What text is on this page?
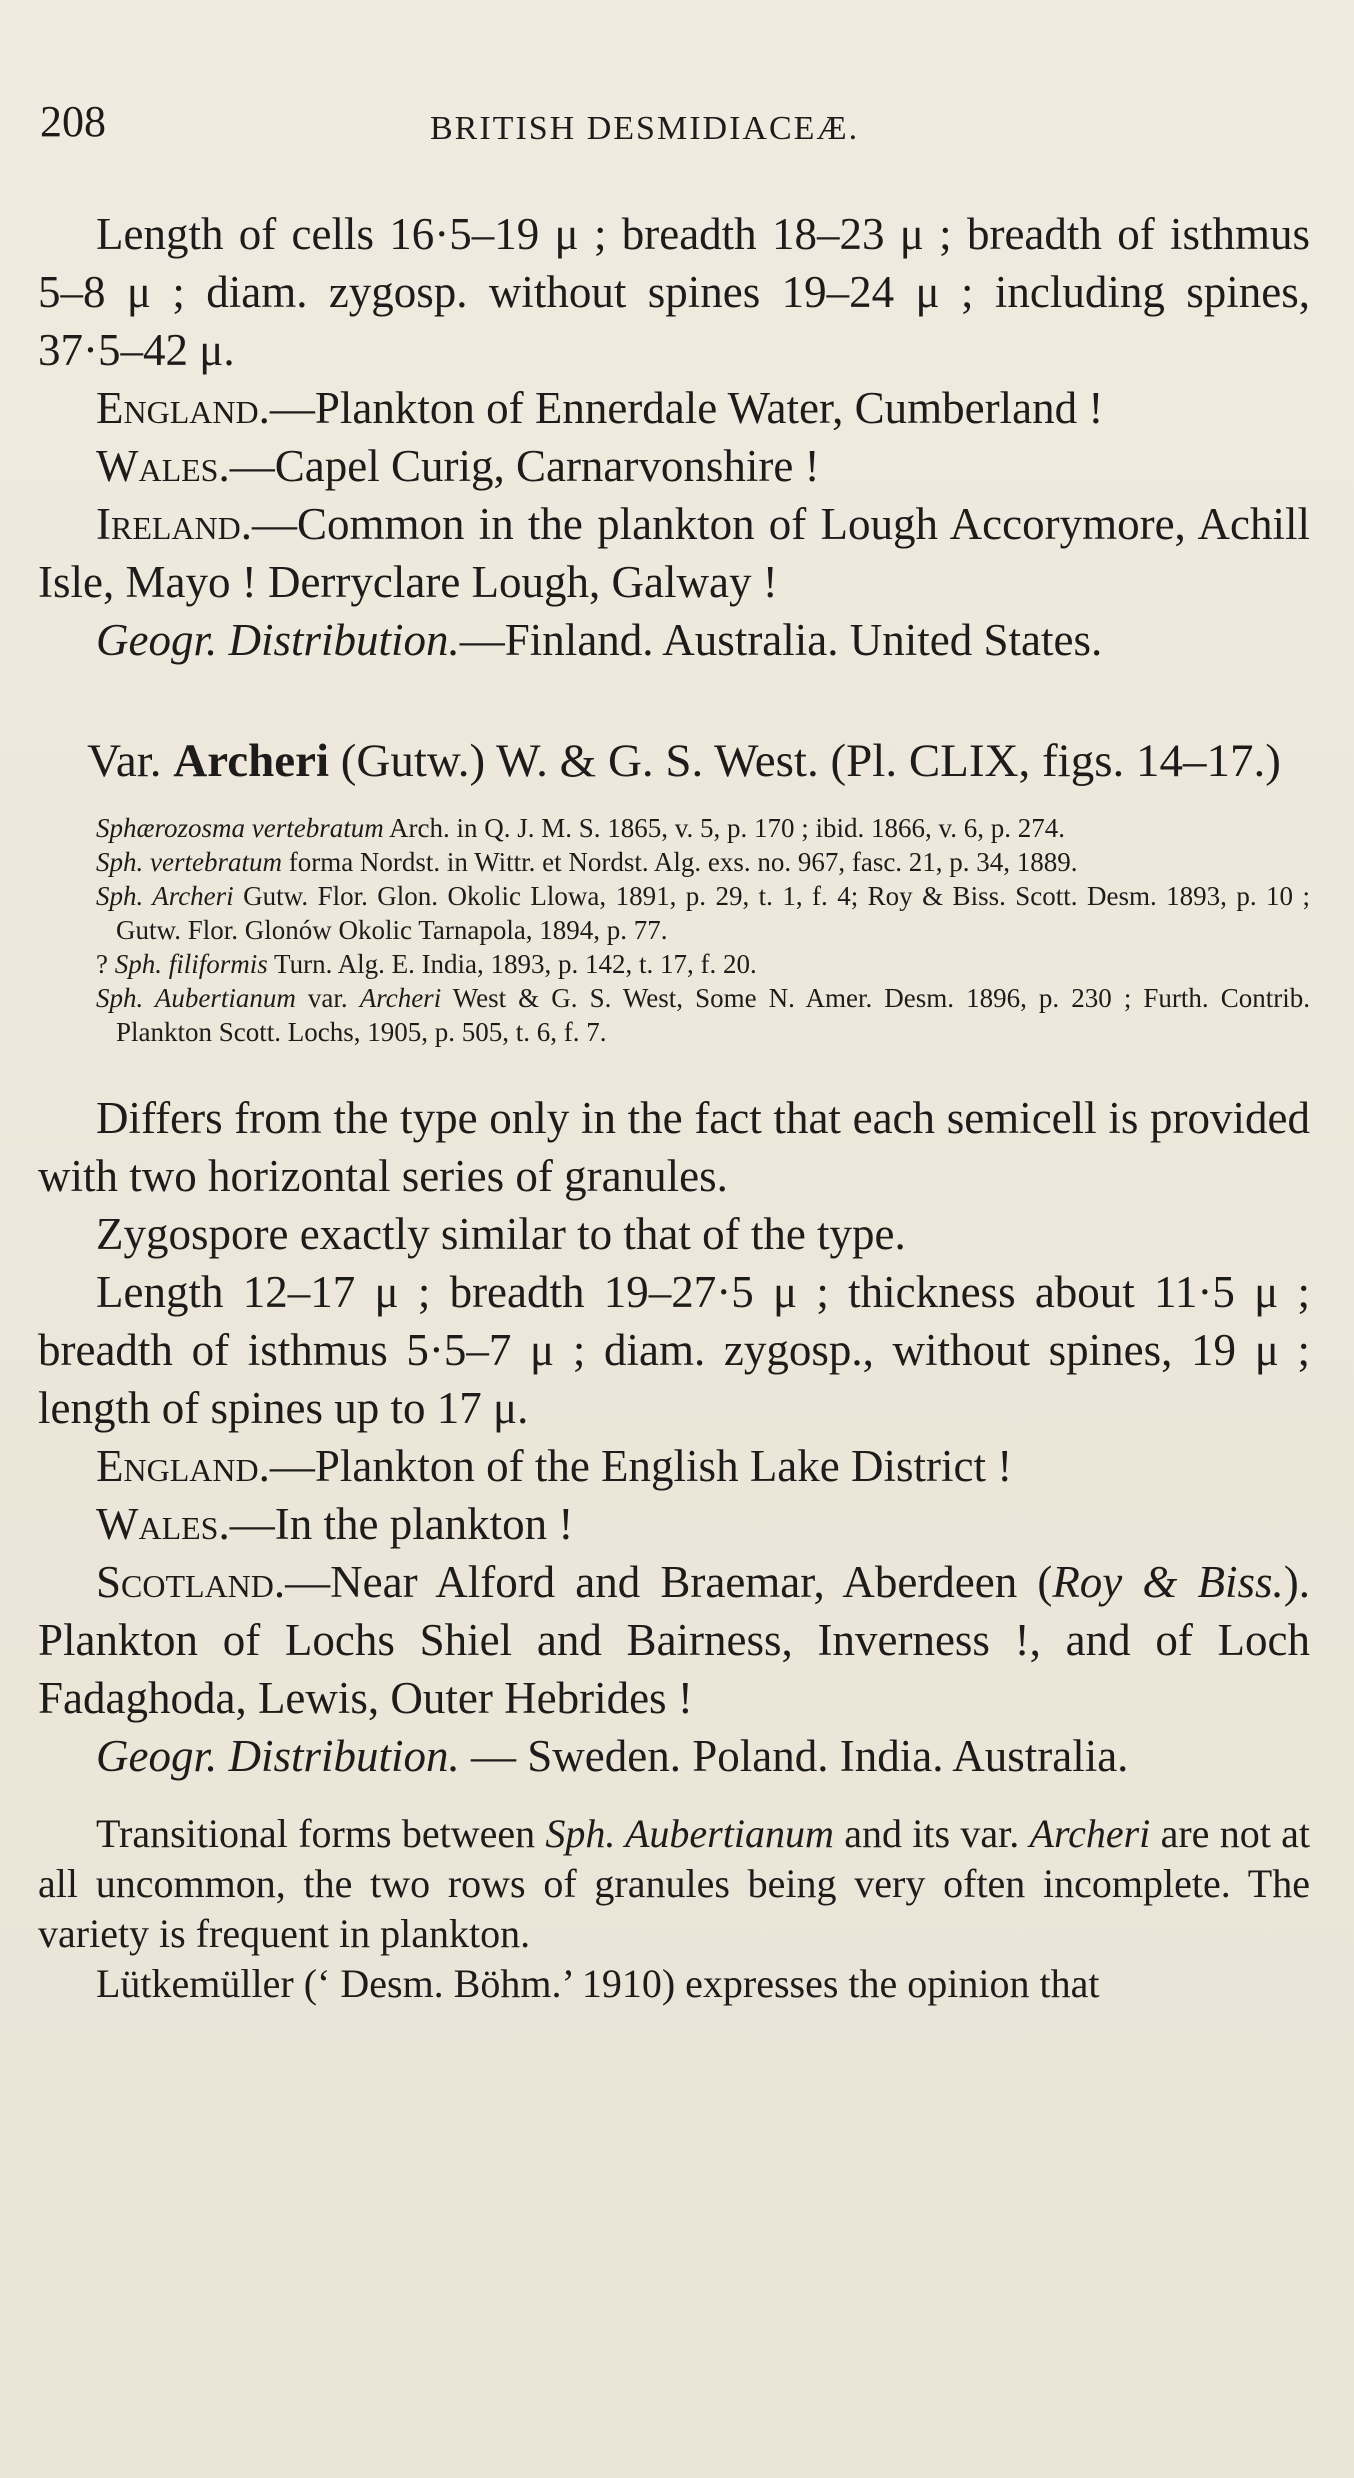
208	BRITISH DESMIDIACEÆ.

Length of cells 16·5–19 μ ; breadth 18–23 μ ; breadth of isthmus 5–8 μ ; diam. zygosp. without spines 19–24 μ ; including spines, 37·5–42 μ.

England.—Plankton of Ennerdale Water, Cumberland !

Wales.—Capel Curig, Carnarvonshire !

Ireland.—Common in the plankton of Lough Accorymore, Achill Isle, Mayo ! Derryclare Lough, Galway !

Geogr. Distribution.—Finland. Australia. United States.

Var. Archeri (Gutw.) W. & G. S. West. (Pl. CLIX, figs. 14–17.)

Sphærozosma vertebratum Arch. in Q. J. M. S. 1865, v. 5, p. 170 ; ibid. 1866, v. 6, p. 274.

Sph. vertebratum forma Nordst. in Wittr. et Nordst. Alg. exs. no. 967, fasc. 21, p. 34, 1889.

Sph. Archeri Gutw. Flor. Glon. Okolic Llowa, 1891, p. 29, t. 1, f. 4; Roy & Biss. Scott. Desm. 1893, p. 10 ; Gutw. Flor. Glonów Okolic Tarnapola, 1894, p. 77.

? Sph. filiformis Turn. Alg. E. India, 1893, p. 142, t. 17, f. 20.

Sph. Aubertianum var. Archeri West & G. S. West, Some N. Amer. Desm. 1896, p. 230 ; Furth. Contrib. Plankton Scott. Lochs, 1905, p. 505, t. 6, f. 7.

Differs from the type only in the fact that each semicell is provided with two horizontal series of granules.

Zygospore exactly similar to that of the type.

Length 12–17 μ ; breadth 19–27·5 μ ; thickness about 11·5 μ ; breadth of isthmus 5·5–7 μ ; diam. zygosp., without spines, 19 μ ; length of spines up to 17 μ.

England.—Plankton of the English Lake District !

Wales.—In the plankton !

Scotland.—Near Alford and Braemar, Aberdeen (Roy & Biss.). Plankton of Lochs Shiel and Bairness, Inverness !, and of Loch Fadaghoda, Lewis, Outer Hebrides !

Geogr. Distribution. — Sweden. Poland. India. Australia.

Transitional forms between Sph. Aubertianum and its var. Archeri are not at all uncommon, the two rows of granules being very often incomplete. The variety is frequent in plankton.

Lütkemüller (‘ Desm. Böhm.’ 1910) expresses the opinion that
